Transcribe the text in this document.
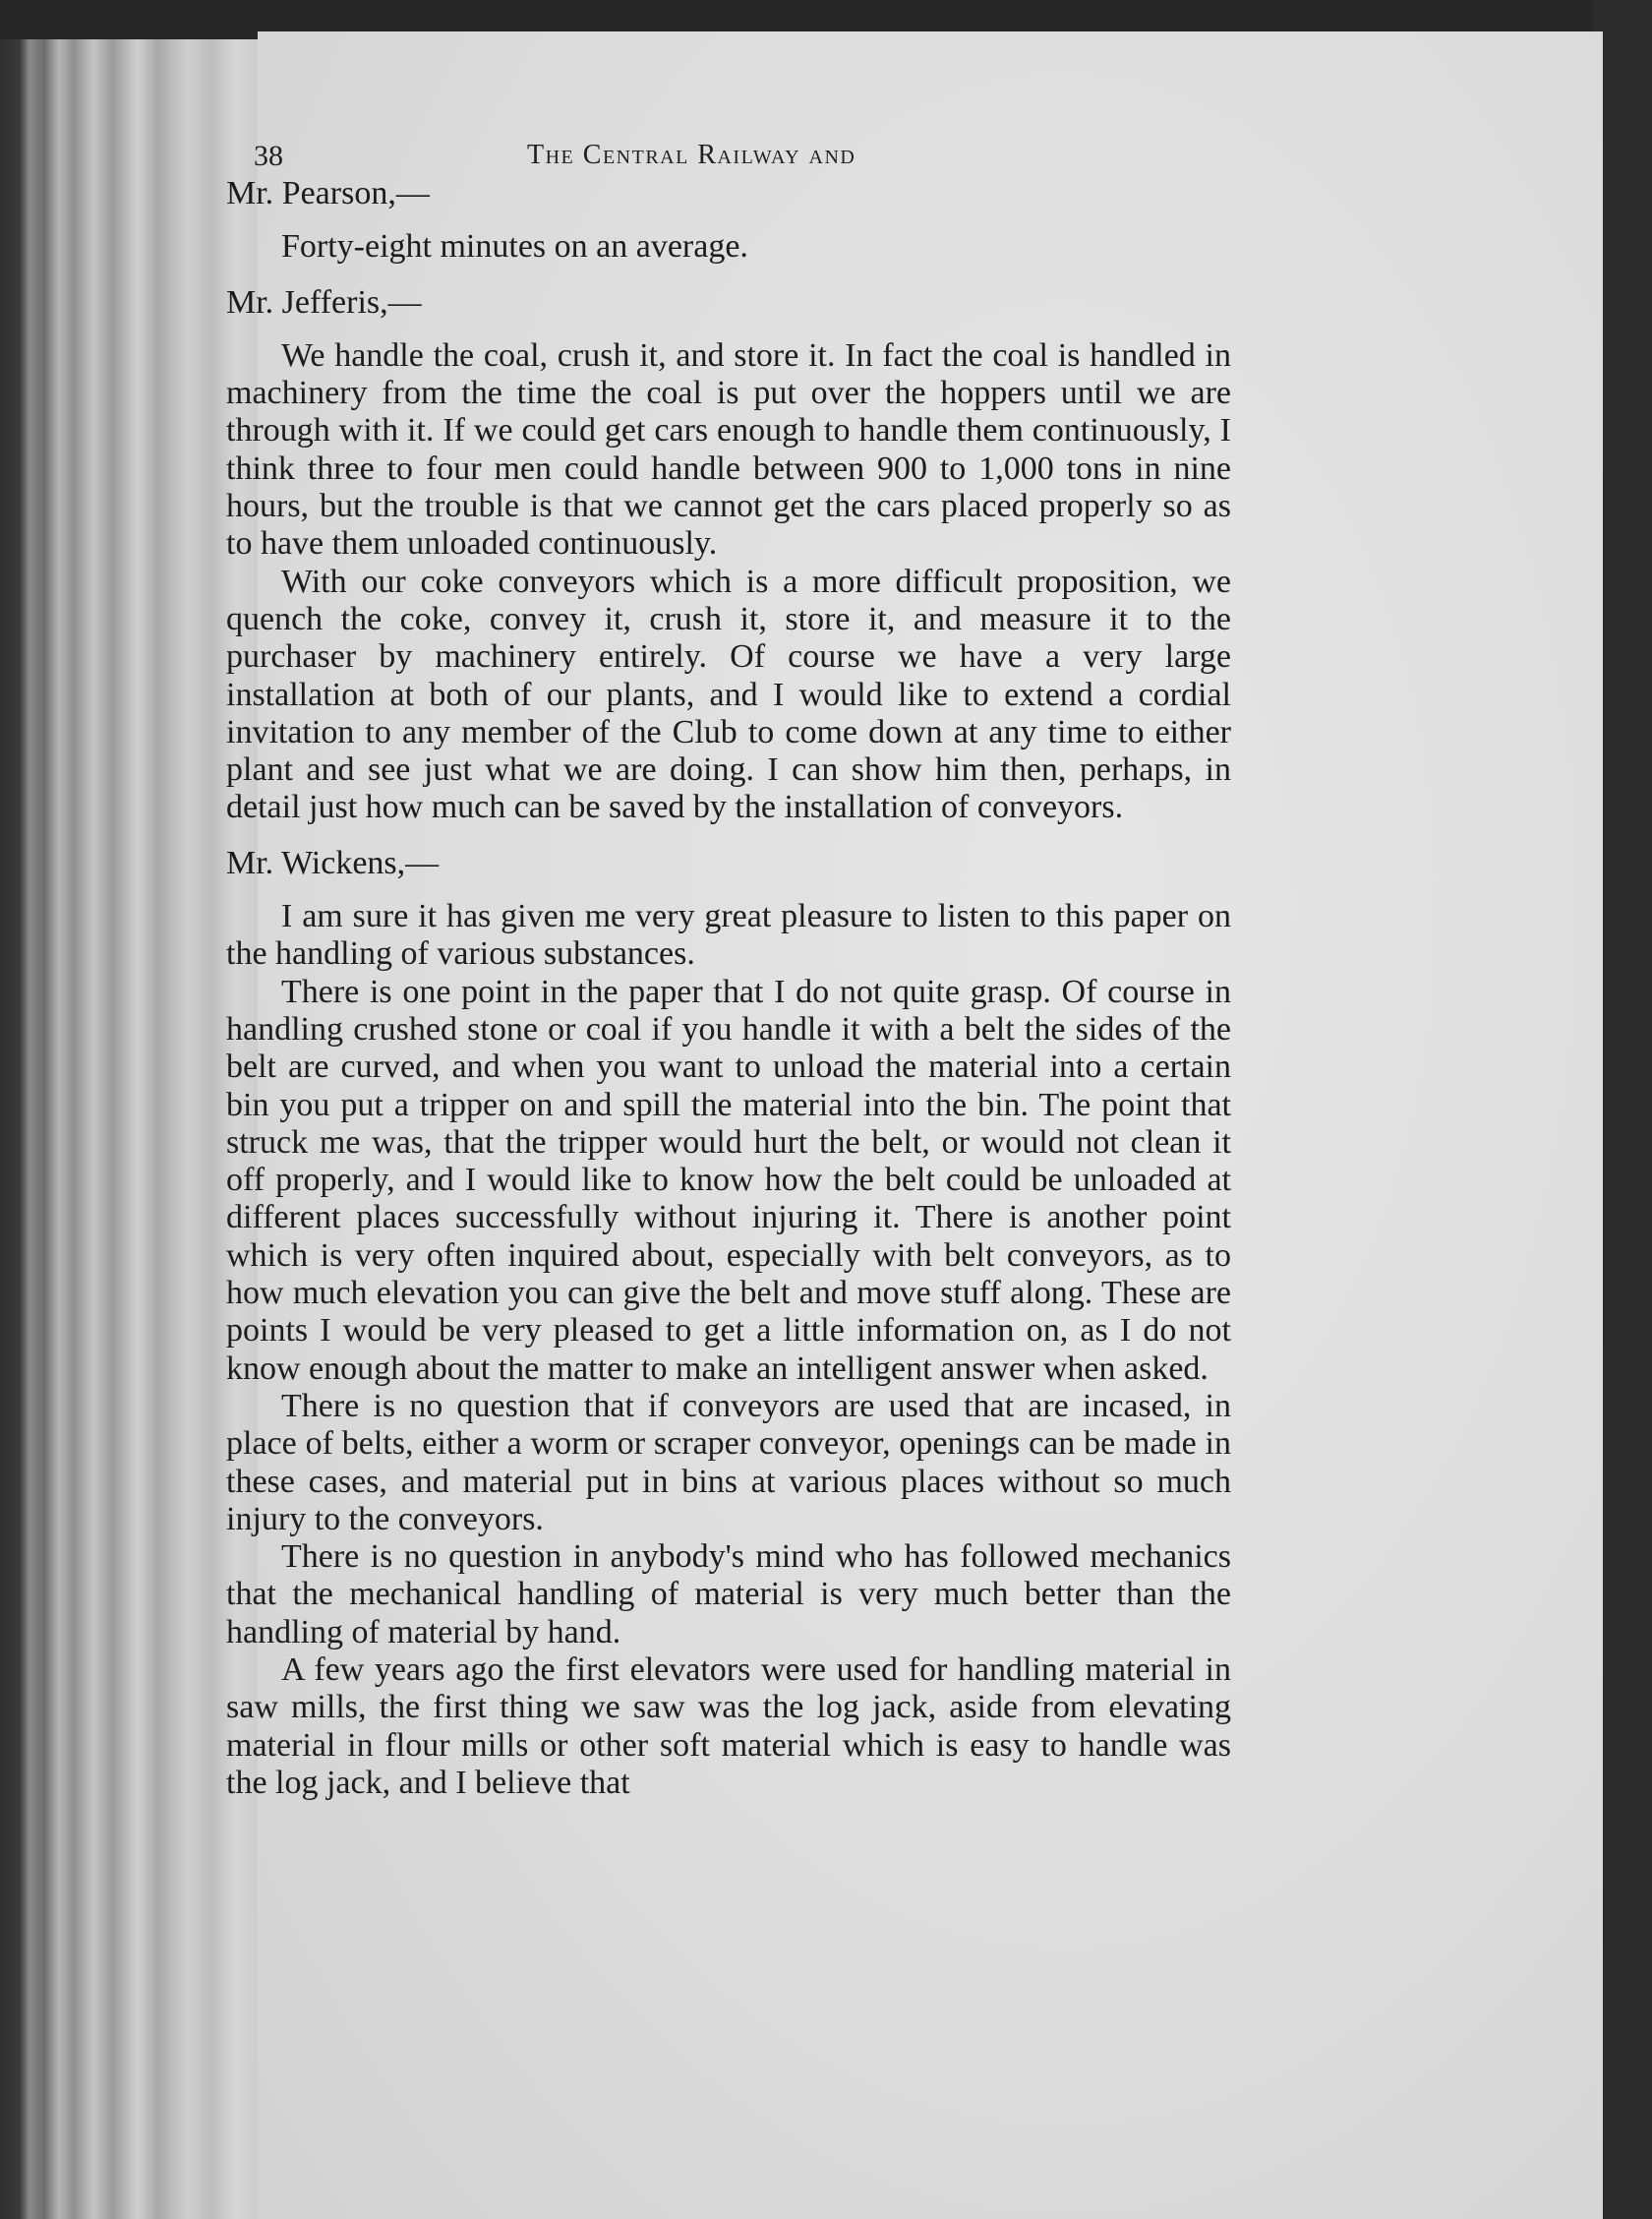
38	The Central Railway and

Mr. Pearson,—

Forty-eight minutes on an average.

Mr. Jefferis,—

We handle the coal, crush it, and store it. In fact the coal is handled in machinery from the time the coal is put over the hoppers until we are through with it. If we could get cars enough to handle them continuously, I think three to four men could handle between 900 to 1,000 tons in nine hours, but the trouble is that we cannot get the cars placed properly so as to have them unloaded continuously.

With our coke conveyors which is a more difficult proposition, we quench the coke, convey it, crush it, store it, and measure it to the purchaser by machinery entirely. Of course we have a very large installation at both of our plants, and I would like to extend a cordial invitation to any member of the Club to come down at any time to either plant and see just what we are doing. I can show him then, perhaps, in detail just how much can be saved by the installation of conveyors.

Mr. Wickens,—

I am sure it has given me very great pleasure to listen to this paper on the handling of various substances.

There is one point in the paper that I do not quite grasp. Of course in handling crushed stone or coal if you handle it with a belt the sides of the belt are curved, and when you want to unload the material into a certain bin you put a tripper on and spill the material into the bin. The point that struck me was, that the tripper would hurt the belt, or would not clean it off properly, and I would like to know how the belt could be unloaded at different places successfully without injuring it. There is another point which is very often inquired about, especially with belt conveyors, as to how much elevation you can give the belt and move stuff along. These are points I would be very pleased to get a little information on, as I do not know enough about the matter to make an intelligent answer when asked.

There is no question that if conveyors are used that are incased, in place of belts, either a worm or scraper conveyor, openings can be made in these cases, and material put in bins at various places without so much injury to the conveyors.

There is no question in anybody's mind who has followed mechanics that the mechanical handling of material is very much better than the handling of material by hand.

A few years ago the first elevators were used for handling material in saw mills, the first thing we saw was the log jack, aside from elevating material in flour mills or other soft material which is easy to handle was the log jack, and I believe that
